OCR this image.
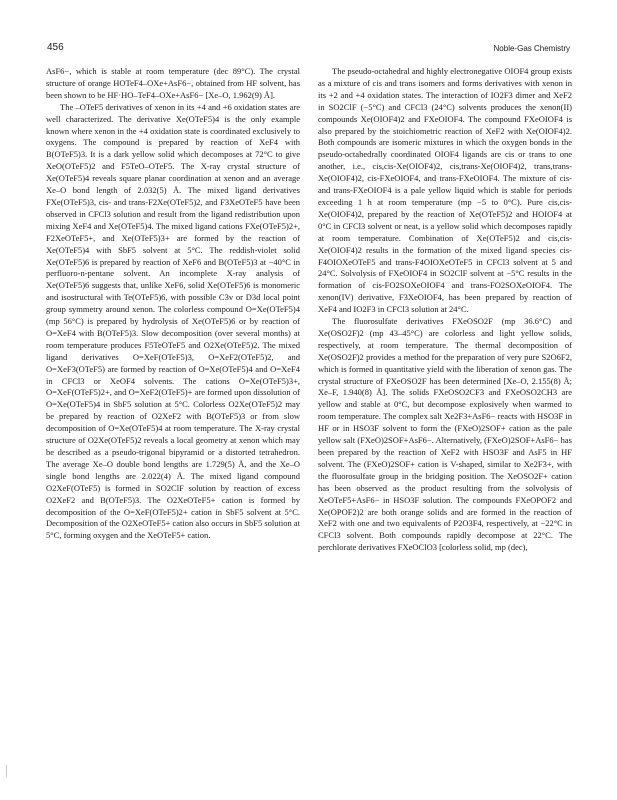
456	Noble-Gas Chemistry

AsF6−, which is stable at room temperature (dec 89°C). The crystal structure of orange HOTeF4–OXe+AsF6−, obtained from HF solvent, has been shown to be HF·HO–TeF4–OXe+AsF6− [Xe–O, 1.962(9) Å].

The –OTeF5 derivatives of xenon in its +4 and +6 oxidation states are well characterized. The derivative Xe(OTeF5)4 is the only example known where xenon in the +4 oxidation state is coordinated exclusively to oxygens. The compound is prepared by reaction of XeF4 with B(OTeF5)3. It is a dark yellow solid which decomposes at 72°C to give XeO(OTeF5)2 and F5TeO–OTeF5. The X-ray crystal structure of Xe(OTeF5)4 reveals square planar coordination at xenon and an average Xe–O bond length of 2.032(5) Å. The mixed ligand derivatives FXe(OTeF5)3, cis- and trans-F2Xe(OTeF5)2, and F3XeOTeF5 have been observed in CFCl3 solution and result from the ligand redistribution upon mixing XeF4 and Xe(OTeF5)4. The mixed ligand cations FXe(OTeF5)2+, F2XeOTeF5+, and Xe(OTeF5)3+ are formed by the reaction of Xe(OTeF5)4 with SbF5 solvent at 5°C. The reddish-violet solid Xe(OTeF5)6 is prepared by reaction of XeF6 and B(OTeF5)3 at −40°C in perfluoro-n-pentane solvent. An incomplete X-ray analysis of Xe(OTeF5)6 suggests that, unlike XeF6, solid Xe(OTeF5)6 is monomeric and isostructural with Te(OTeF5)6, with possible C3v or D3d local point group symmetry around xenon. The colorless compound O=Xe(OTeF5)4 (mp 56°C) is prepared by hydrolysis of Xe(OTeF5)6 or by reaction of O=XeF4 with B(OTeF5)3. Slow decomposition (over several months) at room temperature produces F5TeOTeF5 and O2Xe(OTeF5)2. The mixed ligand derivatives O=XeF(OTeF5)3, O=XeF2(OTeF5)2, and O=XeF3(OTeF5) are formed by reaction of O=Xe(OTeF5)4 and O=XeF4 in CFCl3 or XeOF4 solvents. The cations O=Xe(OTeF5)3+, O=XeF(OTeF5)2+, and O=XeF2(OTeF5)+ are formed upon dissolution of O=Xe(OTeF5)4 in SbF5 solution at 5°C. Colorless O2Xe(OTeF5)2 may be prepared by reaction of O2XeF2 with B(OTeF5)3 or from slow decomposition of O=Xe(OTeF5)4 at room temperature. The X-ray crystal structure of O2Xe(OTeF5)2 reveals a local geometry at xenon which may be described as a pseudo-trigonal bipyramid or a distorted tetrahedron. The average Xe–O double bond lengths are 1.729(5) Å, and the Xe–O single bond lengths are 2.022(4) Å. The mixed ligand compound O2XeF(OTeF5) is formed in SO2ClF solution by reaction of excess O2XeF2 and B(OTeF5)3. The O2XeOTeF5+ cation is formed by decomposition of the O=XeF(OTeF5)2+ cation in SbF5 solvent at 5°C. Decomposition of the O2XeOTeF5+ cation also occurs in SbF5 solution at 5°C, forming oxygen and the XeOTeF5+ cation.

The pseudo-octahedral and highly electronegative OIOF4 group exists as a mixture of cis and trans isomers and forms derivatives with xenon in its +2 and +4 oxidation states. The interaction of IO2F3 dimer and XeF2 in SO2ClF (−5°C) and CFCl3 (24°C) solvents produces the xenon(II) compounds Xe(OIOF4)2 and FXeOIOF4. The compound FXeOIOF4 is also prepared by the stoichiometric reaction of XeF2 with Xe(OIOF4)2. Both compounds are isomeric mixtures in which the oxygen bonds in the pseudo-octahedrally coordinated OIOF4 ligands are cis or trans to one another, i.e., cis,cis-Xe(OIOF4)2, cis,trans-Xe(OIOF4)2, trans,trans-Xe(OIOF4)2, cis-FXeOIOF4, and trans-FXeOIOF4. The mixture of cis- and trans-FXeOIOF4 is a pale yellow liquid which is stable for periods exceeding 1 h at room temperature (mp −5 to 0°C). Pure cis,cis-Xe(OIOF4)2, prepared by the reaction of Xe(OTeF5)2 and HOIOF4 at 0°C in CFCl3 solvent or neat, is a yellow solid which decomposes rapidly at room temperature. Combination of Xe(OTeF5)2 and cis,cis-Xe(OIOF4)2 results in the formation of the mixed ligand species cis-F4OIOXeOTeF5 and trans-F4OIOXeOTeF5 in CFCl3 solvent at 5 and 24°C. Solvolysis of FXeOIOF4 in SO2ClF solvent at −5°C results in the formation of cis-FO2SOXeOIOF4 and trans-FO2SOXeOIOF4. The xenon(IV) derivative, F3XeOIOF4, has been prepared by reaction of XeF4 and IO2F3 in CFCl3 solution at 24°C.

The fluorosulfate derivatives FXeOSO2F (mp 36.6°C) and Xe(OSO2F)2 (mp 43–45°C) are colorless and light yellow solids, respectively, at room temperature. The thermal decomposition of Xe(OSO2F)2 provides a method for the preparation of very pure S2O6F2, which is formed in quantitative yield with the liberation of xenon gas. The crystal structure of FXeOSO2F has been determined [Xe–O, 2.155(8) Å; Xe–F, 1.940(8) Å]. The solids FXeOSO2CF3 and FXeOSO2CH3 are yellow and stable at 0°C, but decompose explosively when warmed to room temperature. The complex salt Xe2F3+AsF6− reacts with HSO3F in HF or in HSO3F solvent to form the (FXeO)2SOF+ cation as the pale yellow salt (FXeO)2SOF+AsF6−. Alternatively, (FXeO)2SOF+AsF6− has been prepared by the reaction of XeF2 with HSO3F and AsF5 in HF solvent. The (FXeO)2SOF+ cation is V-shaped, similar to Xe2F3+, with the fluorosulfate group in the bridging position. The XeOSO2F+ cation has been observed as the product resulting from the solvolysis of XeOTeF5+AsF6− in HSO3F solution. The compounds FXeOPOF2 and Xe(OPOF2)2 are both orange solids and are formed in the reaction of XeF2 with one and two equivalents of P2O3F4, respectively, at −22°C in CFCl3 solvent. Both compounds rapidly decompose at 22°C. The perchlorate derivatives FXeOClO3 [colorless solid, mp (dec),
